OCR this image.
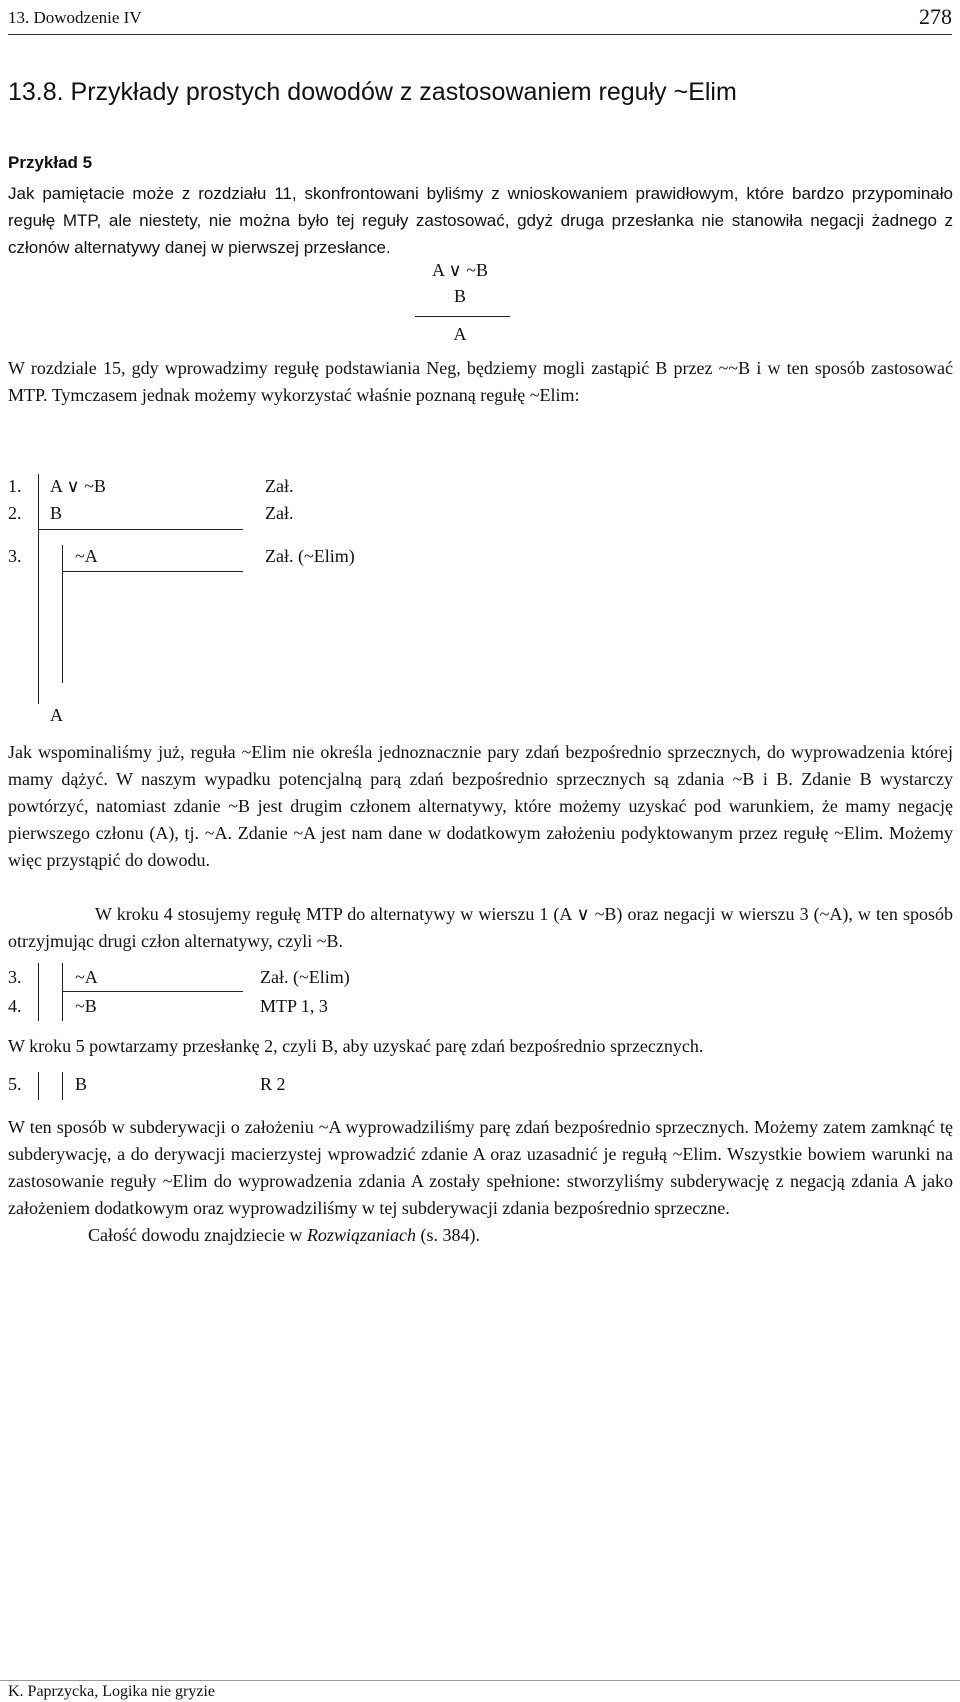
13. Dowodzenie IV	278
13.8. Przykłady prostych dowodów z zastosowaniem reguły ~Elim
Przykład 5

Jak pamiętacie może z rozdziału 11, skonfrontowani byliśmy z wnioskowaniem prawidłowym, które bardzo przypominało regułę MTP, ale niestety, nie można było tej reguły zastosować, gdyż druga przesłanka nie stanowiła negacji żadnego z członów alternatywy danej w pierwszej przesłance.

A ∨ ~B
B
A

W rozdziale 15, gdy wprowadzimy regułę podstawiania Neg, będziemy mogli zastąpić B przez ~~B i w ten sposób zastosować MTP. Tymczasem jednak możemy wykorzystać właśnie poznaną regułę ~Elim:

1. A ∨ ~B	Zał.
2. B	Zał.
3.	~A	Zał. (~Elim)
A

Jak wspominaliśmy już, reguła ~Elim nie określa jednoznacznie pary zdań bezpośrednio sprzecznych, do wyprowadzenia której mamy dążyć. W naszym wypadku potencjalną parą zdań bezpośrednio sprzecznych są zdania ~B i B. Zdanie B wystarczy powtórzyć, natomiast zdanie ~B jest drugim członem alternatywy, które możemy uzyskać pod warunkiem, że mamy negację pierwszego członu (A), tj. ~A. Zdanie ~A jest nam dane w dodatkowym założeniu podyktowanym przez regułę ~Elim. Możemy więc przystąpić do dowodu.

W kroku 4 stosujemy regułę MTP do alternatywy w wierszu 1 (A ∨ ~B) oraz negacji w wierszu 3 (~A), w ten sposób otrzyjmując drugi człon alternatywy, czyli ~B.

3.	~A	Zał. (~Elim)
4.	~B	MTP 1, 3

W kroku 5 powtarzamy przesłankę 2, czyli B, aby uzyskać parę zdań bezpośrednio sprzecznych.

5.	B	R 2

W ten sposób w subderywacji o założeniu ~A wyprowadziliśmy parę zdań bezpośrednio sprzecznych. Możemy zatem zamknąć tę subderywację, a do derywacji macierzystej wprowadzić zdanie A oraz uzasadnić je regułą ~Elim. Wszystkie bowiem warunki na zastosowanie reguły ~Elim do wyprowadzenia zdania A zostały spełnione: stworzyliśmy subderywację z negacją zdania A jako założeniem dodatkowym oraz wyprowadziliśmy w tej subderywacji zdania bezpośrednio sprzeczne.

Całość dowodu znajdziecie w Rozwiązaniach (s. 384).

K. Paprzycka, Logika nie gryzie
